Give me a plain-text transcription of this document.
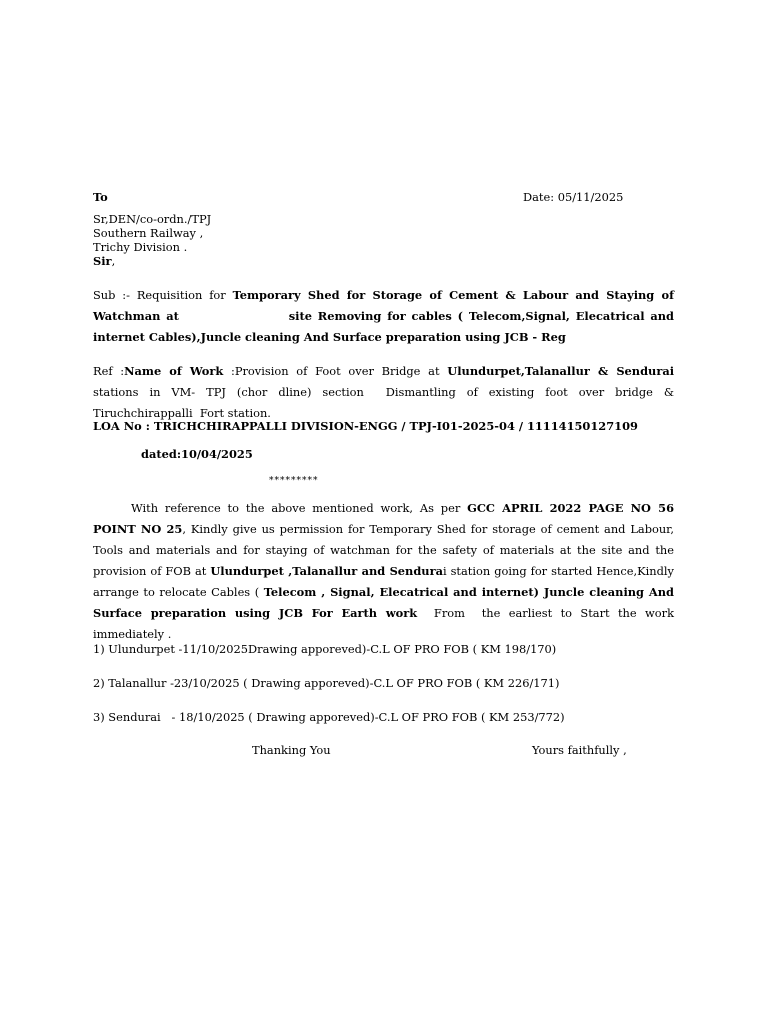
To	Date: 05/11/2025
Sr,DEN/co-ordn./TPJ
Southern Railway ,
Trichy Division .
Sir,
Sub :- Requisition for Temporary Shed for Storage of Cement & Labour and Staying of Watchman at	site Removing for cables ( Telecom,Signal, Elecatrical and internet Cables),Juncle cleaning And Surface preparation using JCB - Reg
Ref :Name of Work :Provision of Foot over Bridge at Ulundurpet,Talanallur & Sendurai  stations in VM- TPJ (chor dline) section  Dismantling of existing foot over bridge & Tiruchchirappalli  Fort station.
LOA No : TRICHCHIRAPPALLI DIVISION-ENGG / TPJ-I01-2025-04 / 11114150127109
dated:10/04/2025
*********
With reference to the above mentioned work, As per GCC APRIL 2022 PAGE NO 56 POINT NO 25, Kindly give us permission for Temporary Shed for storage of cement and Labour, Tools and materials and for staying of watchman for the safety of materials at the site and the provision of FOB at Ulundurpet ,Talanallur and Sendurai station going for started Hence,Kindly arrange to relocate Cables ( Telecom , Signal, Elecatrical and internet) Juncle cleaning And Surface preparation using JCB For Earth work  From  the earliest to Start the work immediately .
1) Ulundurpet -11/10/2025Drawing apporeved)-C.L OF PRO FOB ( KM 198/170)
2) Talanallur -23/10/2025 ( Drawing apporeved)-C.L OF PRO FOB ( KM 226/171)
3) Sendurai   - 18/10/2025 ( Drawing apporeved)-C.L OF PRO FOB ( KM 253/772)
Thanking You	Yours faithfully ,
